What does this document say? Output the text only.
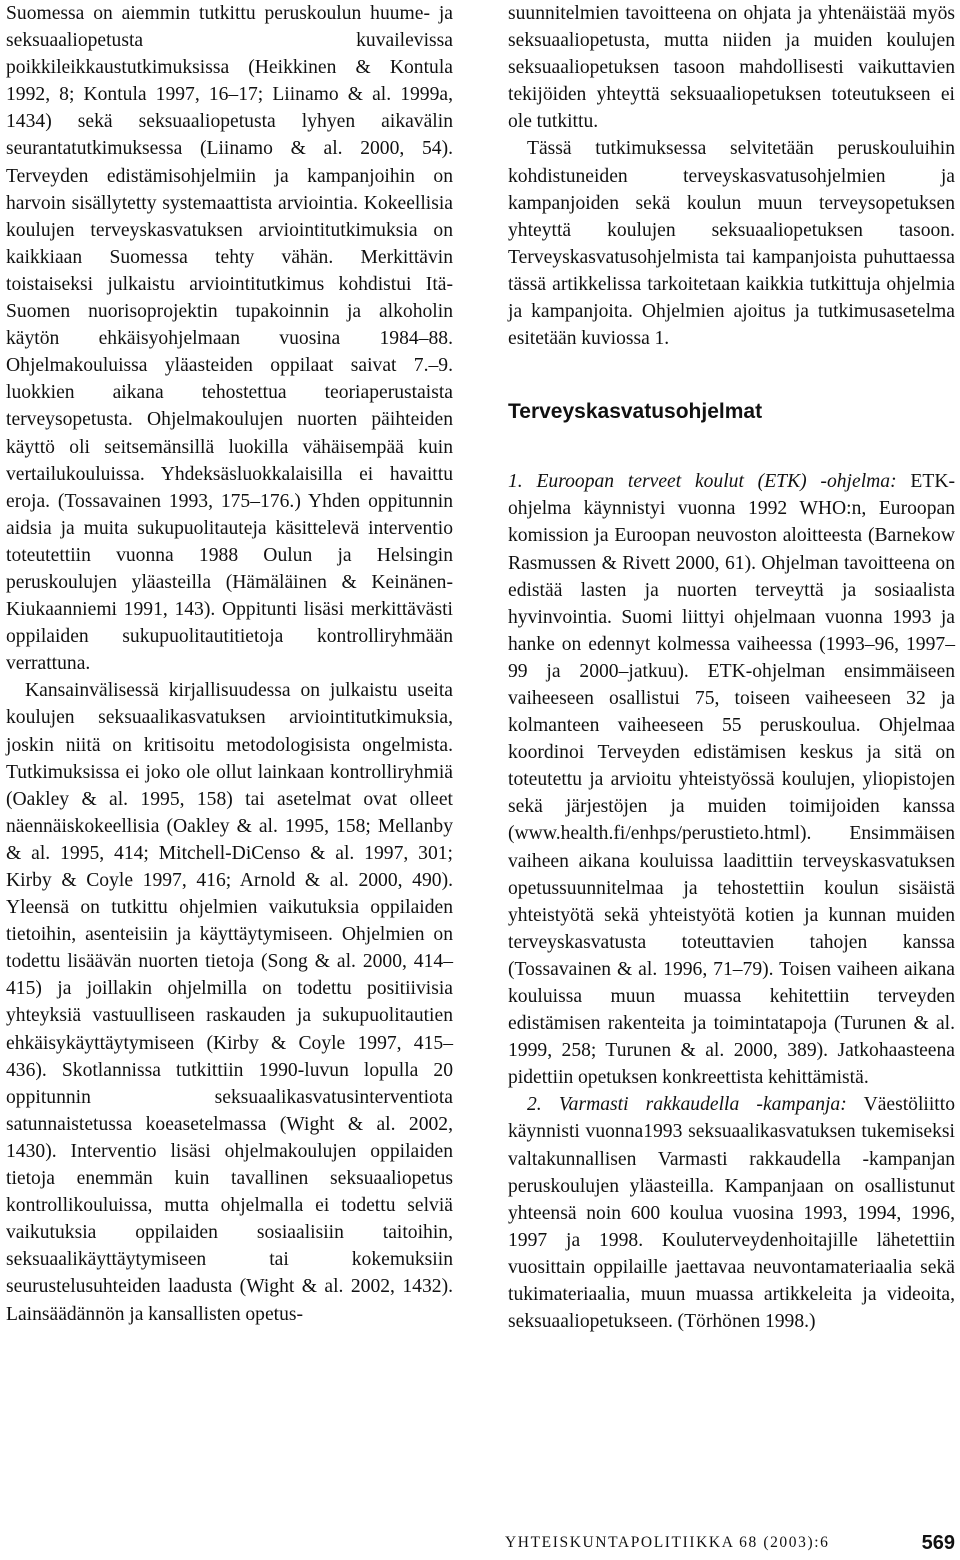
Suomessa on aiemmin tutkittu peruskoulun huume- ja seksuaaliopetusta kuvailevissa poikkileikkaustutkimuksissa (Heikkinen & Kontula 1992, 8; Kontula 1997, 16–17; Liinamo & al. 1999a, 1434) sekä seksuaaliopetusta lyhyen aikavälin seurantatutkimuksessa (Liinamo & al. 2000, 54). Terveyden edistämisohjelmiin ja kampanjoihin on harvoin sisällytetty systemaattista arviointia. Kokeellisia koulujen terveyskasvatuksen arviointitutkimuksia on kaikkiaan Suomessa tehty vähän. Merkittävin toistaiseksi julkaistu arviointitutkimus kohdistui Itä-Suomen nuorisoprojektin tupakoinnin ja alkoholin käytön ehkäisyohjelmaan vuosina 1984–88. Ohjelmakouluissa yläasteiden oppilaat saivat 7.–9. luokkien aikana tehostettua teoriaperustaista terveysopetusta. Ohjelmakoulujen nuorten päihteiden käyttö oli seitsemänsillä luokilla vähäisempää kuin vertailukouluissa. Yhdeksäsluokkalaisilla ei havaittu eroja. (Tossavainen 1993, 175–176.) Yhden oppitunnin aidsia ja muita sukupuolitauteja käsittelevä interventio toteutettiin vuonna 1988 Oulun ja Helsingin peruskoulujen yläasteilla (Hämäläinen & Keinänen-Kiukaanniemi 1991, 143). Oppitunti lisäsi merkittävästi oppilaiden sukupuolitautitietoja kontrolliryhmään verrattuna.

Kansainvälisessä kirjallisuudessa on julkaistu useita koulujen seksuaalikasvatuksen arviointitutkimuksia, joskin niitä on kritisoitu metodologisista ongelmista. Tutkimuksissa ei joko ole ollut lainkaan kontrolliryhmiä (Oakley & al. 1995, 158) tai asetelmat ovat olleet näennäiskokeellisia (Oakley & al. 1995, 158; Mellanby & al. 1995, 414; Mitchell-DiCenso & al. 1997, 301; Kirby & Coyle 1997, 416; Arnold & al. 2000, 490). Yleensä on tutkittu ohjelmien vaikutuksia oppilaiden tietoihin, asenteisiin ja käyttäytymiseen. Ohjelmien on todettu lisäävän nuorten tietoja (Song & al. 2000, 414–415) ja joillakin ohjelmilla on todettu positiivisia yhteyksiä vastuulliseen raskauden ja sukupuolitautien ehkäisykäyttäytymiseen (Kirby & Coyle 1997, 415–436). Skotlannissa tutkittiin 1990-luvun lopulla 20 oppitunnin seksuaalikasvatusinterventiota satunnaistetussa koeasetelmassa (Wight & al. 2002, 1430). Interventio lisäsi ohjelmakoulujen oppilaiden tietoja enemmän kuin tavallinen seksuaaliopetus kontrollikouluissa, mutta ohjelmalla ei todettu selviä vaikutuksia oppilaiden sosiaalisiin taitoihin, seksuaalikäyttäytymiseen tai kokemuksiin seurustelusuhteiden laadusta (Wight & al. 2002, 1432). Lainsäädännön ja kansallisten opetus-

suunnitelmien tavoitteena on ohjata ja yhtenäistää myös seksuaaliopetusta, mutta niiden ja muiden koulujen seksuaaliopetuksen tasoon mahdollisesti vaikuttavien tekijöiden yhteyttä seksuaaliopetuksen toteutukseen ei ole tutkittu.

Tässä tutkimuksessa selvitetään peruskouluihin kohdistuneiden terveyskasvatusohjelmien ja kampanjoiden sekä koulun muun terveysopetuksen yhteyttä koulujen seksuaaliopetuksen tasoon. Terveyskasvatusohjelmista tai kampanjoista puhuttaessa tässä artikkelissa tarkoitetaan kaikkia tutkittuja ohjelmia ja kampanjoita. Ohjelmien ajoitus ja tutkimusasetelma esitetään kuviossa 1.

Terveyskasvatusohjelmat

1. Euroopan terveet koulut (ETK) -ohjelma: ETK-ohjelma käynnistyi vuonna 1992 WHO:n, Euroopan komission ja Euroopan neuvoston aloitteesta (Barnekow Rasmussen & Rivett 2000, 61). Ohjelman tavoitteena on edistää lasten ja nuorten terveyttä ja sosiaalista hyvinvointia. Suomi liittyi ohjelmaan vuonna 1993 ja hanke on edennyt kolmessa vaiheessa (1993–96, 1997–99 ja 2000–jatkuu). ETK-ohjelman ensimmäiseen vaiheeseen osallistui 75, toiseen vaiheeseen 32 ja kolmanteen vaiheeseen 55 peruskoulua. Ohjelmaa koordinoi Terveyden edistämisen keskus ja sitä on toteutettu ja arvioitu yhteistyössä koulujen, yliopistojen sekä järjestöjen ja muiden toimijoiden kanssa (www.health.fi/enhps/perustieto.html). Ensimmäisen vaiheen aikana kouluissa laadittiin terveyskasvatuksen opetussuunnitelmaa ja tehostettiin koulun sisäistä yhteistyötä sekä yhteistyötä kotien ja kunnan muiden terveyskasvatusta toteuttavien tahojen kanssa (Tossavainen & al. 1996, 71–79). Toisen vaiheen aikana kouluissa muun muassa kehitettiin terveyden edistämisen rakenteita ja toimintatapoja (Turunen & al. 1999, 258; Turunen & al. 2000, 389). Jatkohaasteena pidettiin opetuksen konkreettista kehittämistä.

2. Varmasti rakkaudella -kampanja: Väestöliitto käynnisti vuonna1993 seksuaalikasvatuksen tukemiseksi valtakunnallisen Varmasti rakkaudella -kampanjan peruskoulujen yläasteilla. Kampanjaan on osallistunut yhteensä noin 600 koulua vuosina 1993, 1994, 1996, 1997 ja 1998. Kouluterveydenhoitajille lähetettiin vuosittain oppilaille jaettavaa neuvontamateriaalia sekä tukimateriaalia, muun muassa artikkeleita ja videoita, seksuaaliopetukseen. (Törhönen 1998.)

YHTEISKUNTAPOLITIIKKA 68 (2003):6	569
